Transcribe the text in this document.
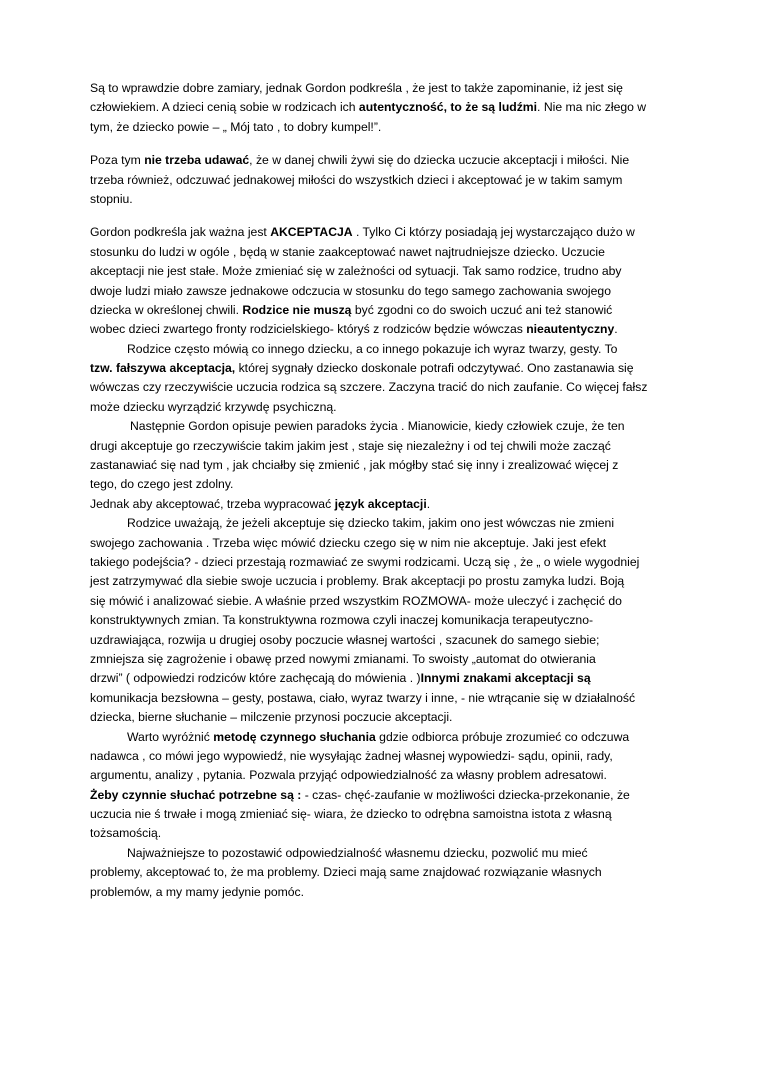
Są to wprawdzie dobre zamiary, jednak Gordon podkreśla , że jest to także zapominanie, iż jest się
człowiekiem. A dzieci cenią sobie w rodzicach ich autentyczność, to że są ludźmi. Nie ma nic złego w
tym, że dziecko powie – „ Mój tato , to dobry kumpel!”.
Poza tym nie trzeba udawać, że w danej chwili żywi się do dziecka uczucie akceptacji i miłości. Nie
trzeba również, odczuwać jednakowej miłości do wszystkich dzieci i akceptować je w takim samym
stopniu.
Gordon podkreśla jak ważna jest AKCEPTACJA . Tylko Ci którzy posiadają jej wystarczająco dużo w
stosunku do ludzi w ogóle , będą w stanie zaakceptować nawet najtrudniejsze dziecko. Uczucie
akceptacji nie jest stałe. Może zmieniać się w zależności od sytuacji. Tak samo rodzice, trudno aby
dwoje ludzi miało zawsze jednakowe odczucia w stosunku do tego samego zachowania swojego
dziecka w określonej chwili. Rodzice nie muszą być zgodni co do swoich uczuć ani też stanowić
wobec dzieci zwartego fronty rodzicielskiego- któryś z rodziców będzie wówczas nieautentyczny.
Rodzice często mówią co innego dziecku, a co innego pokazuje ich wyraz twarzy, gesty. To
tzw. fałszywa akceptacja, której sygnały dziecko doskonale potrafi odczytywać. Ono zastanawia się
wówczas czy rzeczywiście uczucia rodzica są szczere. Zaczyna tracić do nich zaufanie. Co więcej fałsz
może dziecku wyrządzić krzywdę psychiczną.
Następnie Gordon opisuje pewien paradoks życia . Mianowicie, kiedy człowiek czuje, że ten
drugi akceptuje go rzeczywiście takim jakim jest , staje się niezależny i od tej chwili może zacząć
zastanawiać się nad tym , jak chciałby się zmienić , jak mógłby stać się inny i zrealizować więcej z
tego, do czego jest zdolny.
Jednak aby akceptować, trzeba wypracować język akceptacji.
Rodzice uważają, że jeżeli akceptuje się dziecko takim, jakim ono jest wówczas nie zmieni
swojego zachowania . Trzeba więc mówić dziecku czego się w nim nie akceptuje. Jaki jest efekt
takiego podejścia? - dzieci przestają rozmawiać ze swymi rodzicami. Uczą się , że „ o wiele wygodniej
jest zatrzymywać dla siebie swoje uczucia i problemy. Brak akceptacji po prostu zamyka ludzi. Boją
się mówić i analizować siebie. A właśnie przed wszystkim ROZMOWA- może uleczyć i zachęcić do
konstruktywnych zmian. Ta konstruktywna rozmowa czyli inaczej komunikacja terapeutyczno-
uzdrawiająca, rozwija u drugiej osoby poczucie własnej wartości , szacunek do samego siebie;
zmniejsza się zagrożenie i obawę przed nowymi zmianami. To swoisty „automat do otwierania
drzwi” ( odpowiedzi rodziców które zachęcają do mówienia . )Innymi znakami akceptacji są
komunikacja bezsłowna – gesty, postawa, ciało, wyraz twarzy i inne, - nie wtrącanie się w działalność
dziecka, bierne słuchanie – milczenie przynosi poczucie akceptacji.
Warto wyróżnić metodę czynnego słuchania gdzie odbiorca próbuje zrozumieć co odczuwa
nadawca , co mówi jego wypowiedź, nie wysyłając żadnej własnej wypowiedzi- sądu, opinii, rady,
argumentu, analizy , pytania. Pozwala przyjąć odpowiedzialność za własny problem adresatowi.
Żeby czynnie słuchać potrzebne są : - czas- chęć-zaufanie w możliwości dziecka-przekonanie, że
uczucia nie ś trwałe i mogą zmieniać się- wiara, że dziecko to odrębna samoistna istota z własną
tożsamością.
Najważniejsze to pozostawić odpowiedzialność własnemu dziecku, pozwolić mu mieć
problemy, akceptować to, że ma problemy. Dzieci mają same znajdować rozwiązanie własnych
problemów, a my mamy jedynie pomóc.
